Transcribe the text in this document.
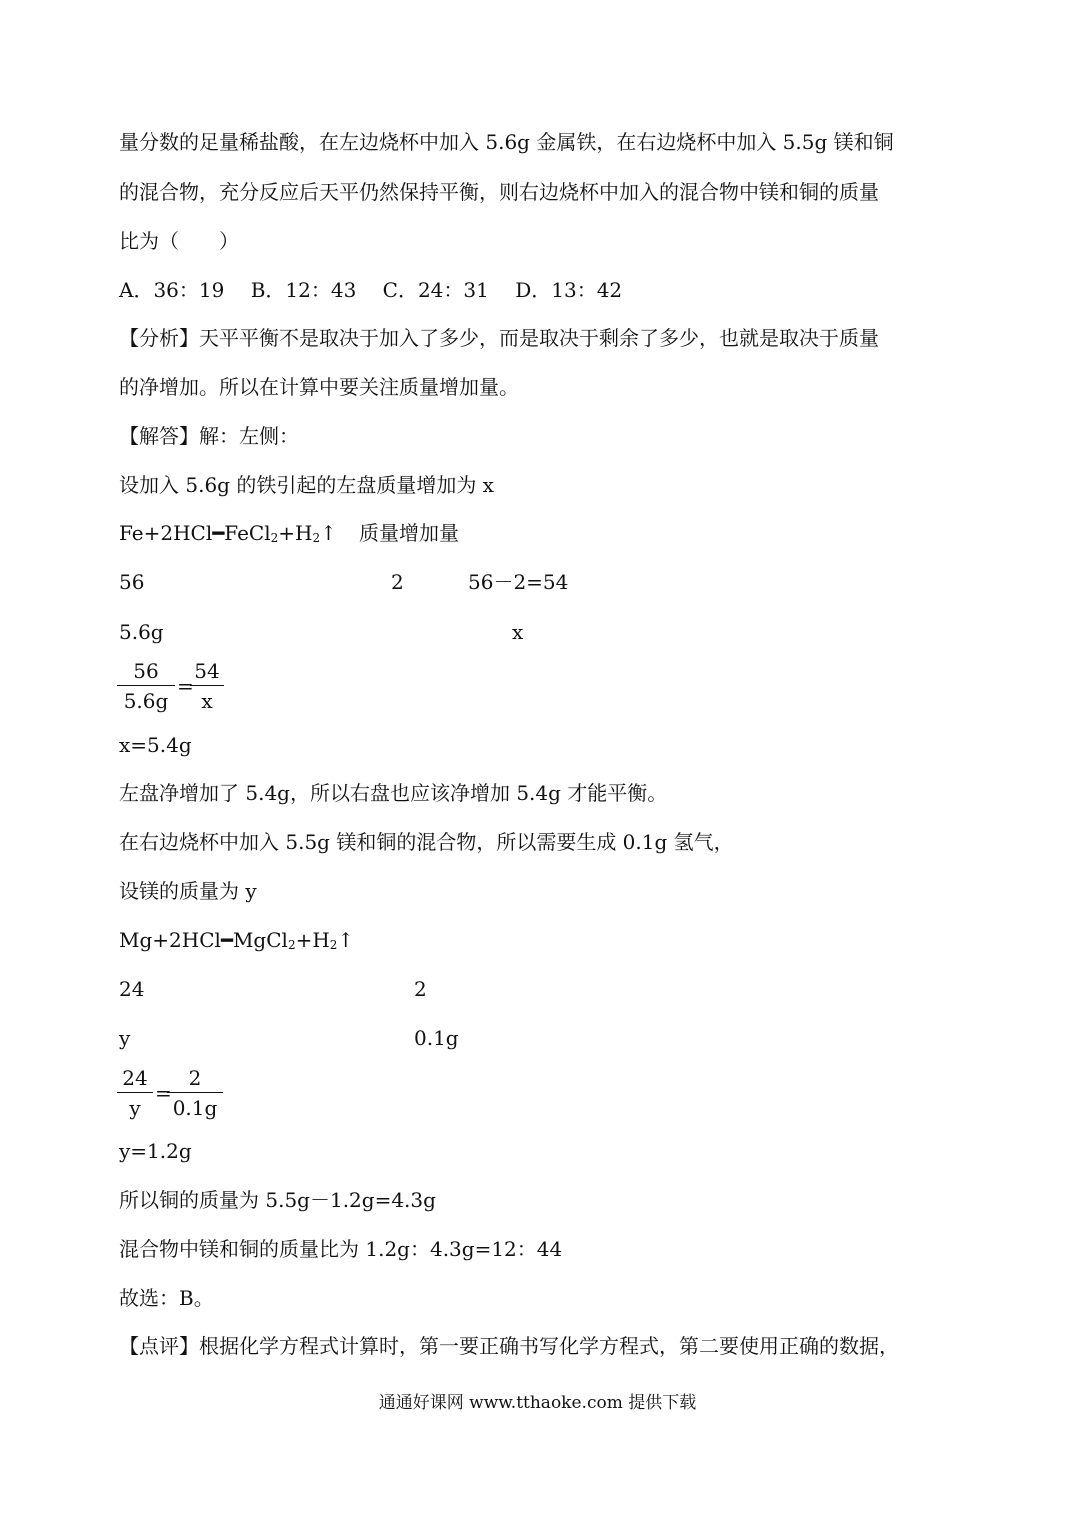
量分数的足量稀盐酸，在左边烧杯中加入 5.6g 金属铁，在右边烧杯中加入 5.5g 镁和铜
的混合物，充分反应后天平仍然保持平衡，则右边烧杯中加入的混合物中镁和铜的质量
比为（　　）
A．36：19　 B．12：43　 C．24：31　 D．13：42
【分析】天平平衡不是取决于加入了多少，而是取决于剩余了多少，也就是取决于质量
的净增加。所以在计算中要关注质量增加量。
【解答】解：左侧：
设加入 5.6g 的铁引起的左盘质量增加为 x
$Fe+2HCl━FeCl_2+H_2↑$ 质量增加量
56	2	56－2=54
5.6g	x
56
5.6g
=
54
x
x=5.4g
左盘净增加了 5.4g，所以右盘也应该净增加 5.4g 才能平衡。
在右边烧杯中加入 5.5g 镁和铜的混合物，所以需要生成 0.1g 氢气，
设镁的质量为 y
$Mg+2HCl━MgCl_2+H_2↑$
24	2
y	0.1g
24
y
=
2
0.1g
y=1.2g
所以铜的质量为 5.5g－1.2g=4.3g
混合物中镁和铜的质量比为 1.2g：4.3g=12：44
故选：B。
【点评】根据化学方程式计算时，第一要正确书写化学方程式，第二要使用正确的数据，
通通好课网 www.tthaoke.com 提供下载
